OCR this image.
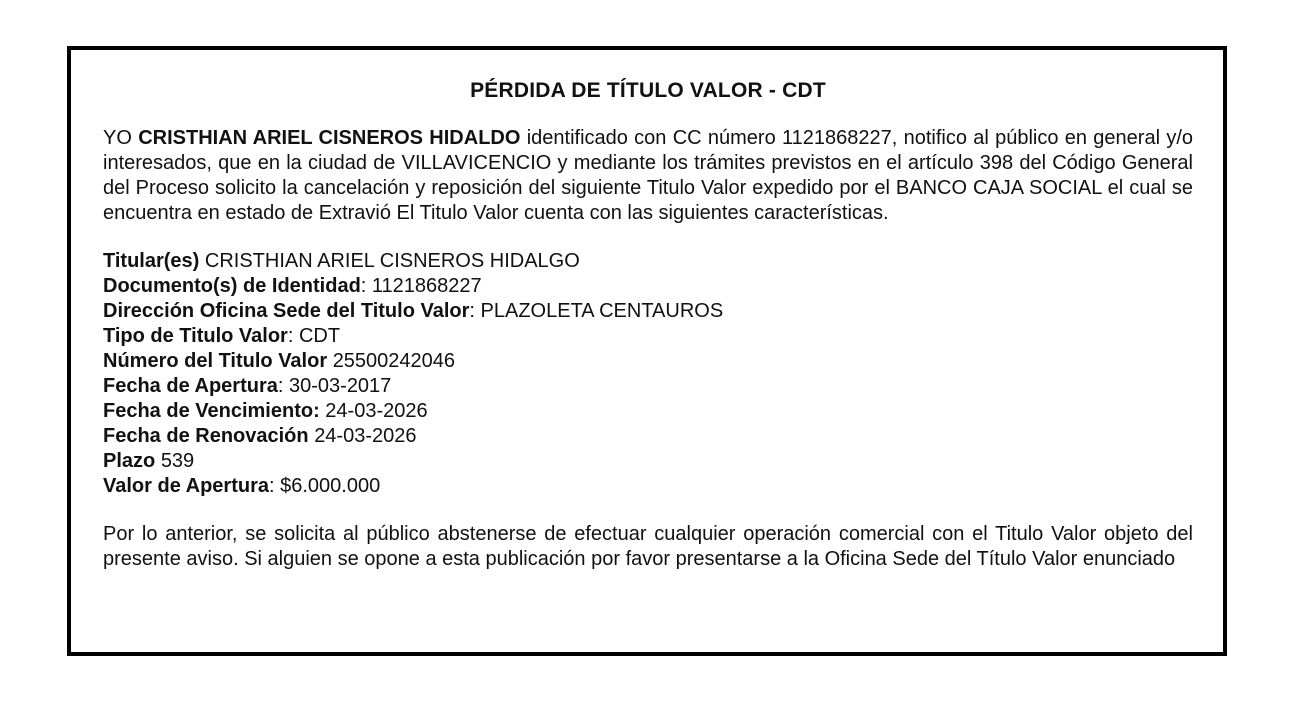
PÉRDIDA DE TÍTULO VALOR - CDT

YO CRISTHIAN ARIEL CISNEROS HIDALDO identificado con CC número 1121868227, notifico al público en general y/o interesados, que en la ciudad de VILLAVICENCIO y mediante los trámites previstos en el artículo 398 del Código General del Proceso solicito la cancelación y reposición del siguiente Titulo Valor expedido por el BANCO CAJA SOCIAL el cual se encuentra en estado de Extravió El Titulo Valor cuenta con las siguientes características.

Titular(es) CRISTHIAN ARIEL CISNEROS HIDALGO
Documento(s) de Identidad: 1121868227
Dirección Oficina Sede del Titulo Valor: PLAZOLETA CENTAUROS
Tipo de Titulo Valor: CDT
Número del Titulo Valor 25500242046
Fecha de Apertura: 30-03-2017
Fecha de Vencimiento: 24-03-2026
Fecha de Renovación 24-03-2026
Plazo 539
Valor de Apertura: $6.000.000

Por lo anterior, se solicita al público abstenerse de efectuar cualquier operación comercial con el Titulo Valor objeto del presente aviso. Si alguien se opone a esta publicación por favor presentarse a la Oficina Sede del Título Valor enunciado
